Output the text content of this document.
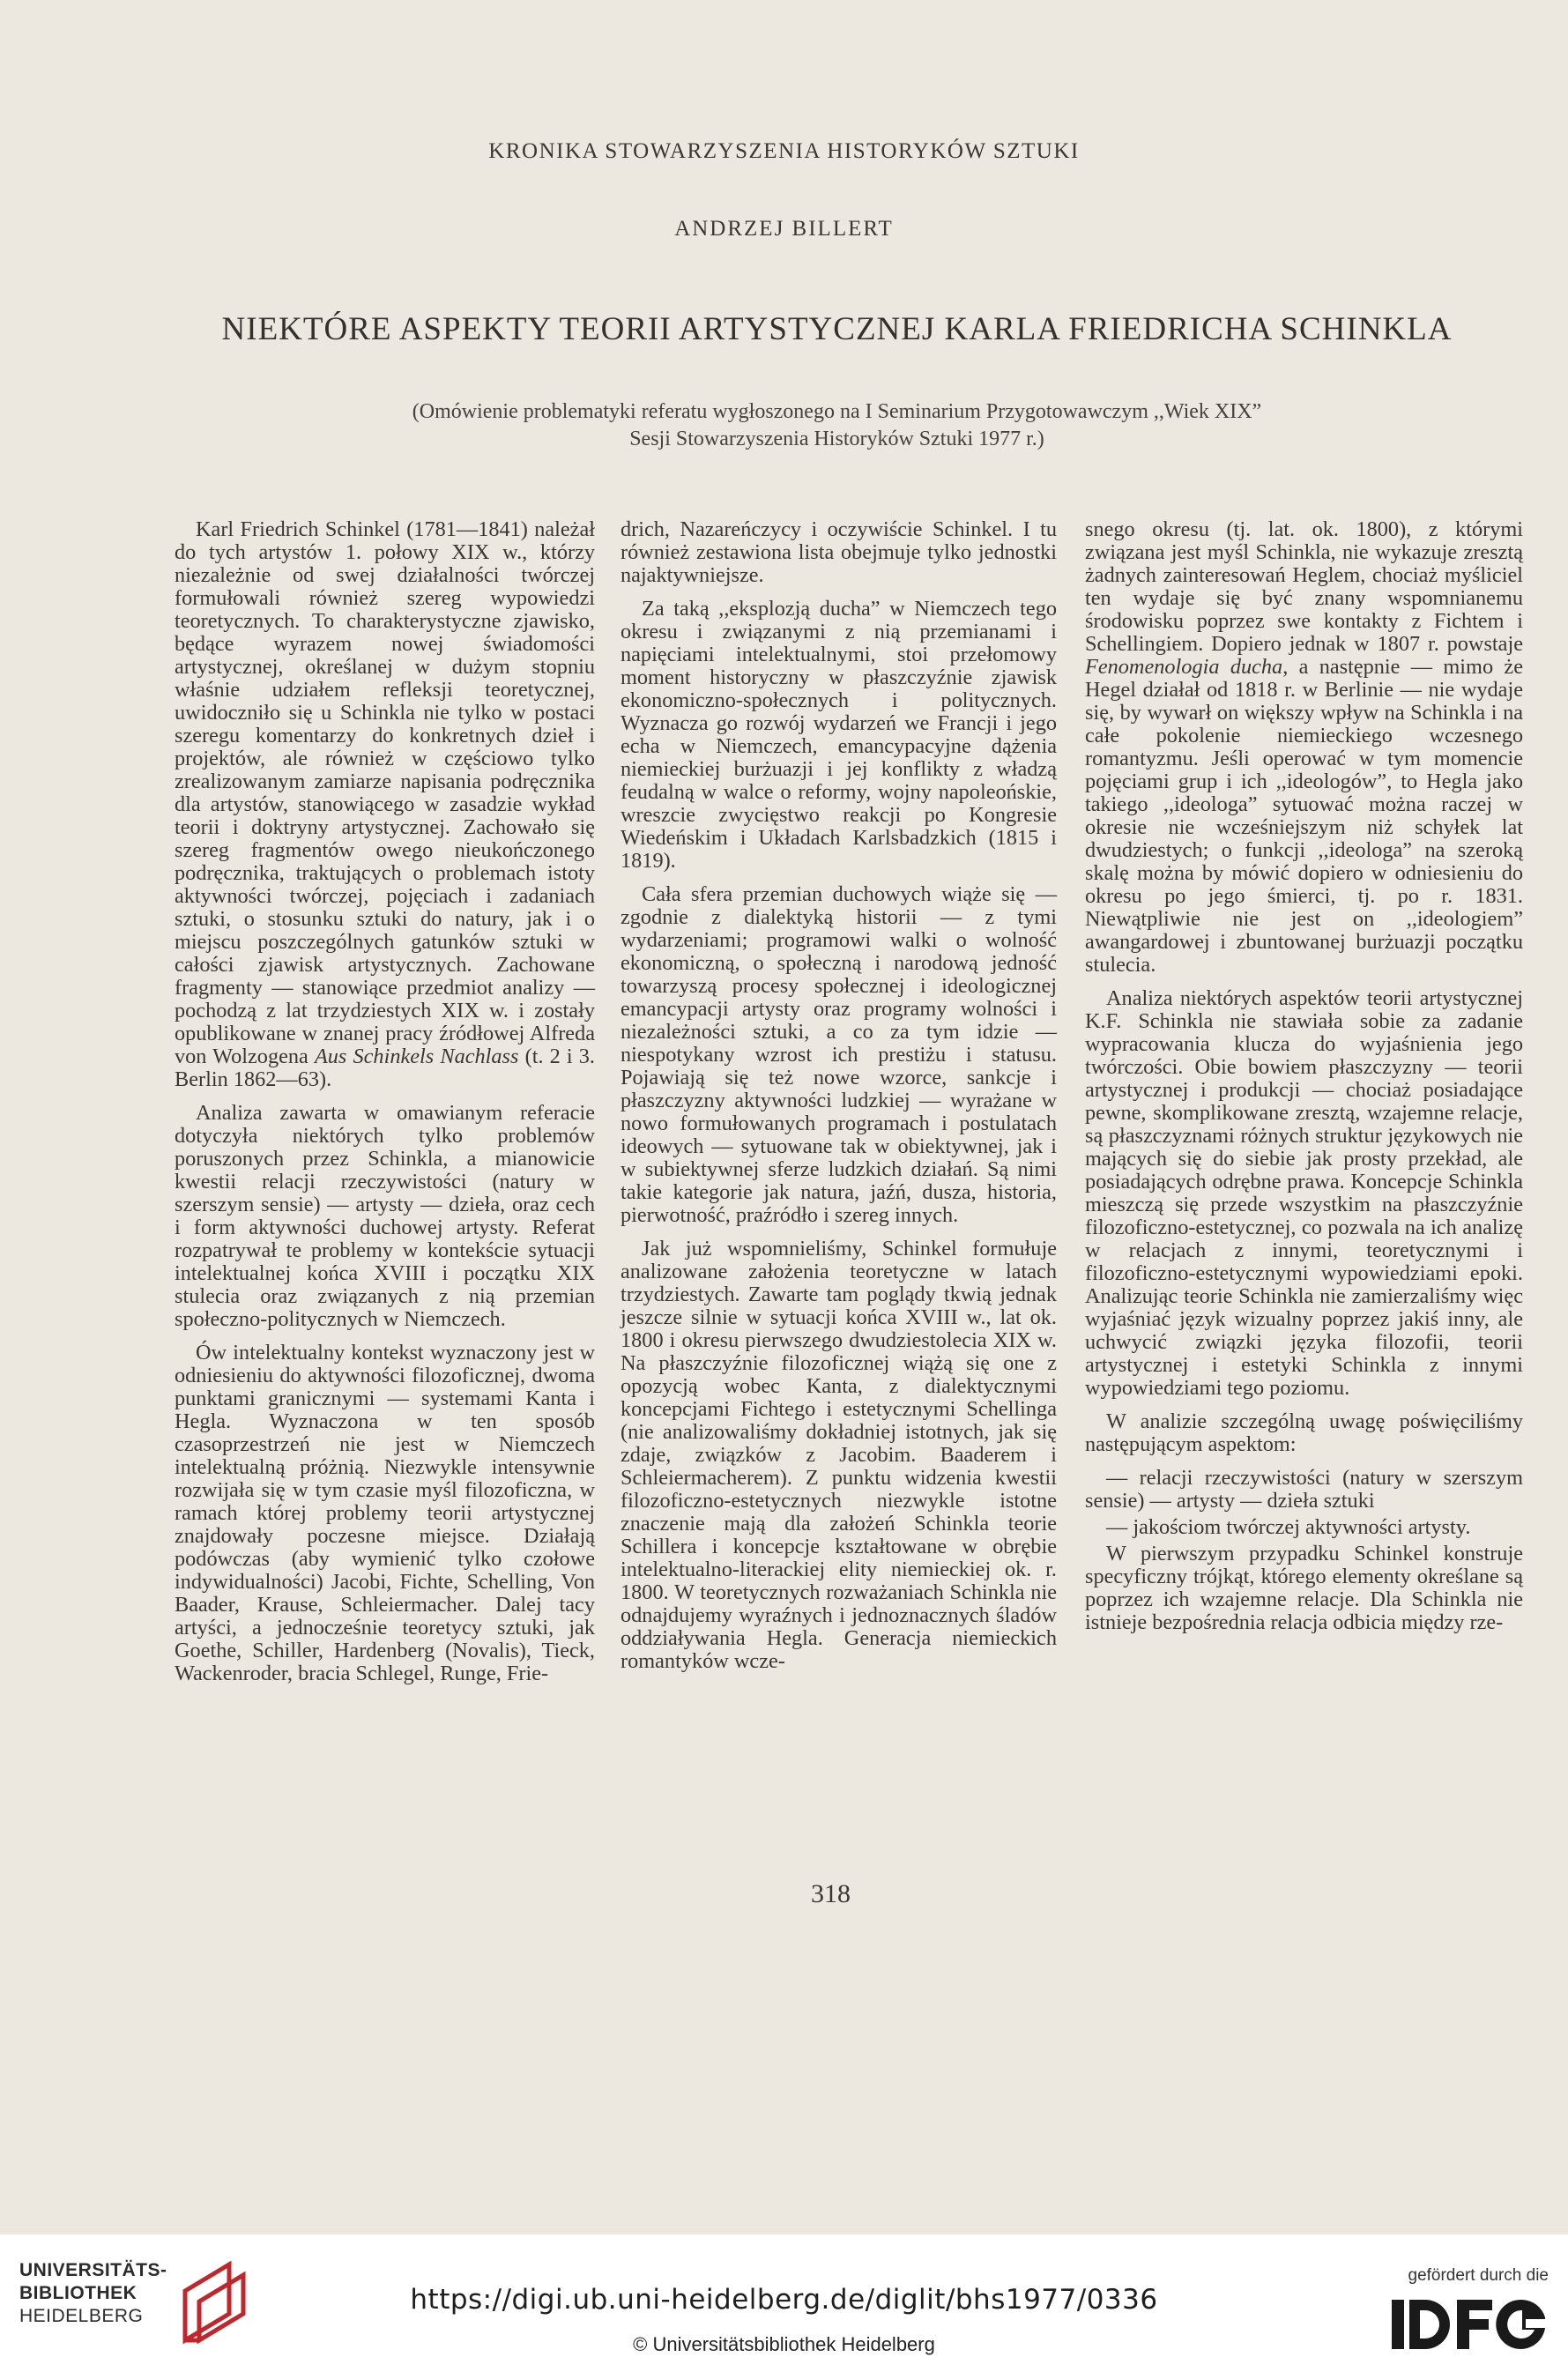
KRONIKA STOWARZYSZENIA HISTORYKÓW SZTUKI
ANDRZEJ BILLERT
NIEKTÓRE ASPEKTY TEORII ARTYSTYCZNEJ KARLA FRIEDRICHA SCHINKLA
(Omówienie problematyki referatu wygłoszonego na I Seminarium Przygotowawczym ,,Wiek XIX”
Sesji Stowarzyszenia Historyków Sztuki 1977 r.)

Karl Friedrich Schinkel (1781—1841) należał do tych artystów 1. połowy XIX w., którzy niezależnie od swej działalności twórczej formułowali również szereg wypowiedzi teoretycznych. To charakterystyczne zjawisko, będące wyrazem nowej świadomości artystycznej, określanej w dużym stopniu właśnie udziałem refleksji teoretycznej, uwidoczniło się u Schinkla nie tylko w postaci szeregu komentarzy do konkretnych dzieł i projektów, ale również w częściowo tylko zrealizowanym zamiarze napisania podręcznika dla artystów, stanowiącego w zasadzie wykład teorii i doktryny artystycznej. Zachowało się szereg fragmentów owego nieukończonego podręcznika, traktujących o problemach istoty aktywności twórczej, pojęciach i zadaniach sztuki, o stosunku sztuki do natury, jak i o miejscu poszczególnych gatunków sztuki w całości zjawisk artystycznych. Zachowane fragmenty — stanowiące przedmiot analizy — pochodzą z lat trzydziestych XIX w. i zostały opublikowane w znanej pracy źródłowej Alfreda von Wolzogena Aus Schinkels Nachlass (t. 2 i 3. Berlin 1862—63).

Analiza zawarta w omawianym referacie dotyczyła niektórych tylko problemów poruszonych przez Schinkla, a mianowicie kwestii relacji rzeczywistości (natury w szerszym sensie) — artysty — dzieła, oraz cech i form aktywności duchowej artysty. Referat rozpatrywał te problemy w kontekście sytuacji intelektualnej końca XVIII i początku XIX stulecia oraz związanych z nią przemian społeczno-politycznych w Niemczech.

Ów intelektualny kontekst wyznaczony jest w odniesieniu do aktywności filozoficznej, dwoma punktami granicznymi — systemami Kanta i Hegla. Wyznaczona w ten sposób czasoprzestrzeń nie jest w Niemczech intelektualną próżnią. Niezwykle intensywnie rozwijała się w tym czasie myśl filozoficzna, w ramach której problemy teorii artystycznej znajdowały poczesne miejsce. Działają podówczas (aby wymienić tylko czołowe indywidualności) Jacobi, Fichte, Schelling, Von Baader, Krause, Schleiermacher. Dalej tacy artyści, a jednocześnie teoretycy sztuki, jak Goethe, Schiller, Hardenberg (Novalis), Tieck, Wackenroder, bracia Schlegel, Runge, Frie-

drich, Nazareńczycy i oczywiście Schinkel. I tu również zestawiona lista obejmuje tylko jednostki najaktywniejsze.

Za taką ,,eksplozją ducha” w Niemczech tego okresu i związanymi z nią przemianami i napięciami intelektualnymi, stoi przełomowy moment historyczny w płaszczyźnie zjawisk ekonomiczno-społecznych i politycznych. Wyznacza go rozwój wydarzeń we Francji i jego echa w Niemczech, emancypacyjne dążenia niemieckiej burżuazji i jej konflikty z władzą feudalną w walce o reformy, wojny napoleońskie, wreszcie zwycięstwo reakcji po Kongresie Wiedeńskim i Układach Karlsbadzkich (1815 i 1819).

Cała sfera przemian duchowych wiąże się — zgodnie z dialektyką historii — z tymi wydarzeniami; programowi walki o wolność ekonomiczną, o społeczną i narodową jedność towarzyszą procesy społecznej i ideologicznej emancypacji artysty oraz programy wolności i niezależności sztuki, a co za tym idzie — niespotykany wzrost ich prestiżu i statusu. Pojawiają się też nowe wzorce, sankcje i płaszczyzny aktywności ludzkiej — wyrażane w nowo formułowanych programach i postulatach ideowych — sytuowane tak w obiektywnej, jak i w subiektywnej sferze ludzkich działań. Są nimi takie kategorie jak natura, jaźń, dusza, historia, pierwotność, praźródło i szereg innych.

Jak już wspomnieliśmy, Schinkel formułuje analizowane założenia teoretyczne w latach trzydziestych. Zawarte tam poglądy tkwią jednak jeszcze silnie w sytuacji końca XVIII w., lat ok. 1800 i okresu pierwszego dwudziestolecia XIX w. Na płaszczyźnie filozoficznej wiążą się one z opozycją wobec Kanta, z dialektycznymi koncepcjami Fichtego i estetycznymi Schellinga (nie analizowaliśmy dokładniej istotnych, jak się zdaje, związków z Jacobim. Baaderem i Schleiermacherem). Z punktu widzenia kwestii filozoficzno-estetycznych niezwykle istotne znaczenie mają dla założeń Schinkla teorie Schillera i koncepcje kształtowane w obrębie intelektualno-literackiej elity niemieckiej ok. r. 1800. W teoretycznych rozważaniach Schinkla nie odnajdujemy wyraźnych i jednoznacznych śladów oddziaływania Hegla. Generacja niemieckich romantyków wcze-

snego okresu (tj. lat. ok. 1800), z którymi związana jest myśl Schinkla, nie wykazuje zresztą żadnych zainteresowań Heglem, chociaż myśliciel ten wydaje się być znany wspomnianemu środowisku poprzez swe kontakty z Fichtem i Schellingiem. Dopiero jednak w 1807 r. powstaje Fenomenologia ducha, a następnie — mimo że Hegel działał od 1818 r. w Berlinie — nie wydaje się, by wywarł on większy wpływ na Schinkla i na całe pokolenie niemieckiego wczesnego romantyzmu. Jeśli operować w tym momencie pojęciami grup i ich ,,ideologów”, to Hegla jako takiego ,,ideologa” sytuować można raczej w okresie nie wcześniejszym niż schyłek lat dwudziestych; o funkcji ,,ideologa” na szeroką skalę można by mówić dopiero w odniesieniu do okresu po jego śmierci, tj. po r. 1831. Niewątpliwie nie jest on ,,ideologiem” awangardowej i zbuntowanej burżuazji początku stulecia.

Analiza niektórych aspektów teorii artystycznej K.F. Schinkla nie stawiała sobie za zadanie wypracowania klucza do wyjaśnienia jego twórczości. Obie bowiem płaszczyzny — teorii artystycznej i produkcji — chociaż posiadające pewne, skomplikowane zresztą, wzajemne relacje, są płaszczyznami różnych struktur językowych nie mających się do siebie jak prosty przekład, ale posiadających odrębne prawa. Koncepcje Schinkla mieszczą się przede wszystkim na płaszczyźnie filozoficzno-estetycznej, co pozwala na ich analizę w relacjach z innymi, teoretycznymi i filozoficzno-estetycznymi wypowiedziami epoki. Analizując teorie Schinkla nie zamierzaliśmy więc wyjaśniać język wizualny poprzez jakiś inny, ale uchwycić związki języka filozofii, teorii artystycznej i estetyki Schinkla z innymi wypowiedziami tego poziomu.

W analizie szczególną uwagę poświęciliśmy następującym aspektom:

— relacji rzeczywistości (natury w szerszym sensie) — artysty — dzieła sztuki

— jakościom twórczej aktywności artysty.

W pierwszym przypadku Schinkel konstruje specyficzny trójkąt, którego elementy określane są poprzez ich wzajemne relacje. Dla Schinkla nie istnieje bezpośrednia relacja odbicia między rze-

318
UNIVERSITÄTS-
BIBLIOTHEK
HEIDELBERG
https://digi.ub.uni-heidelberg.de/diglit/bhs1977/0336
© Universitätsbibliothek Heidelberg
gefördert durch die
